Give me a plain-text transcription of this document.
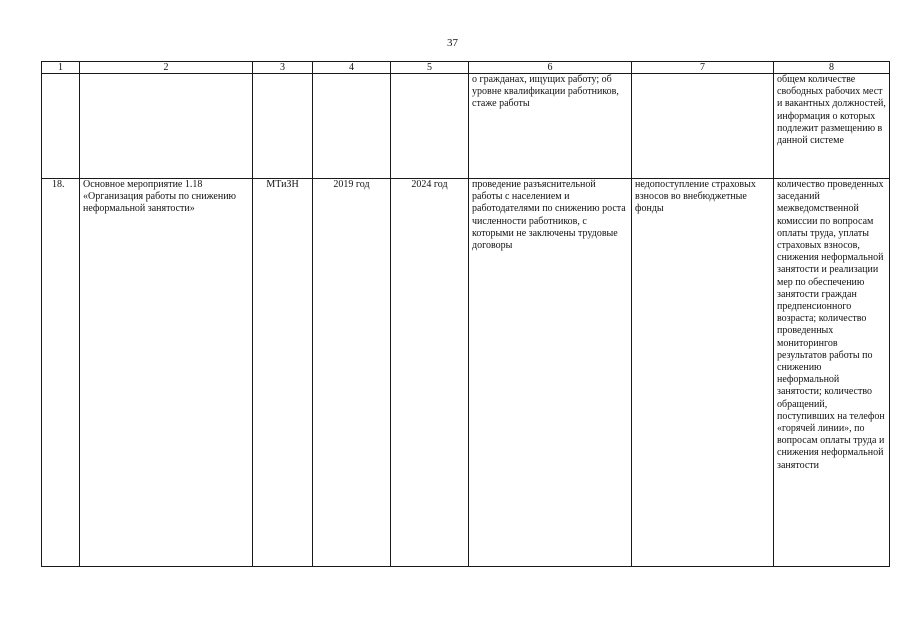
37
1	2	3	4	5	6	7	8
					о гражданах, ищущих работу; об уровне квалификации работников, стаже работы		общем количестве свободных рабочих мест и вакантных должностей, информация о которых подлежит размещению в данной системе
18.	Основное мероприятие 1.18 «Организация работы по снижению неформальной занятости»	МТиЗН	2019 год	2024 год	проведение разъяснительной работы с населением и работодателями по снижению роста численности работников, с которыми не заключены трудовые договоры	недопоступление страховых взносов во внебюджетные фонды	количество проведенных заседаний межведомственной комиссии по вопросам оплаты труда, уплаты страховых взносов, снижения неформальной занятости и реализации мер по обеспечению занятости граждан предпенсионного возраста; количество проведенных мониторингов результатов работы по снижению неформальной занятости; количество обращений, поступивших на телефон «горячей линии», по вопросам оплаты труда и снижения неформальной занятости
